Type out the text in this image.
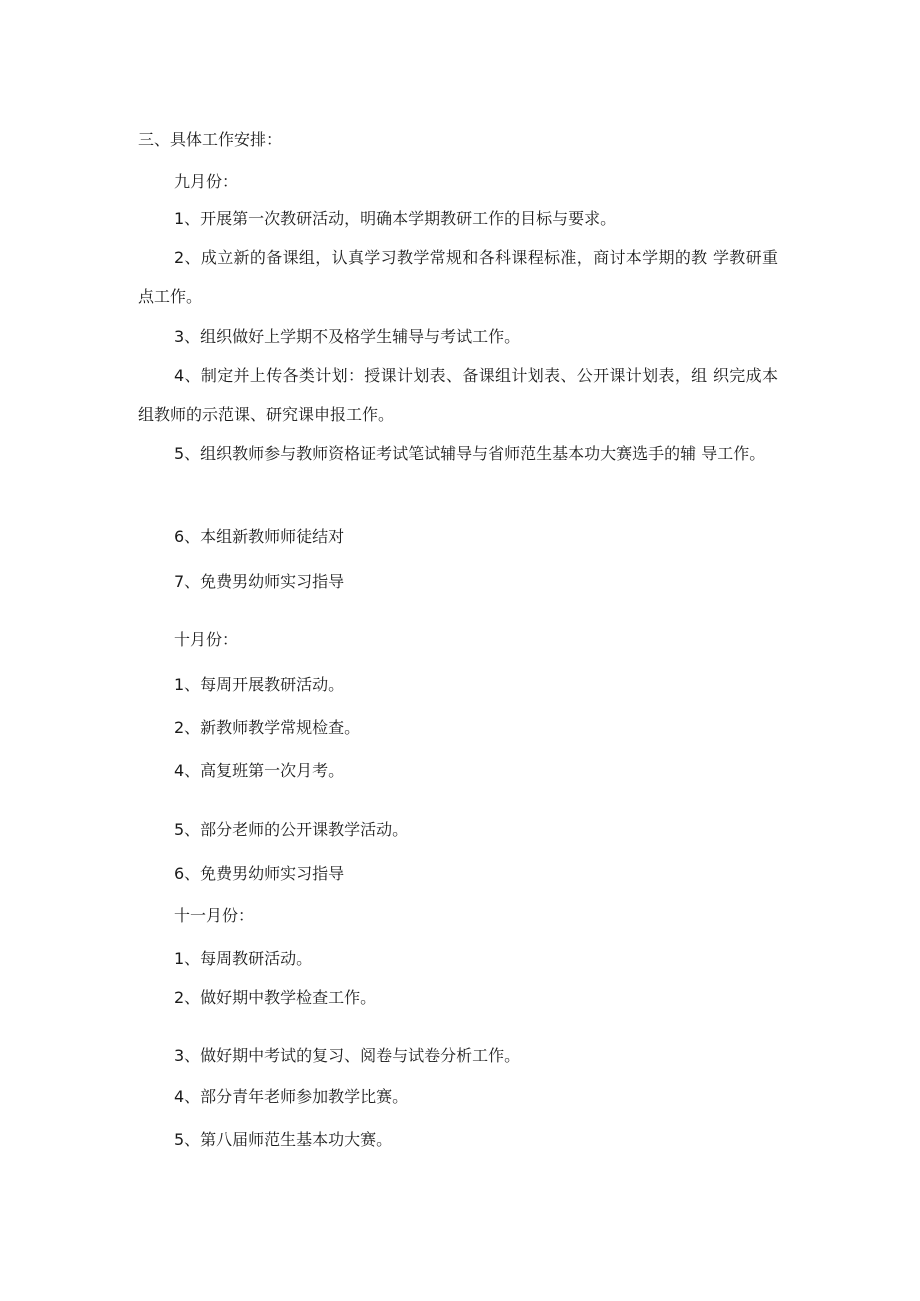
三、具体工作安排：

九月份：

1、开展第一次教研活动，明确本学期教研工作的目标与要求。

2、成立新的备课组，认真学习教学常规和各科课程标准，商讨本学期的教 学教研重点工作。

3、组织做好上学期不及格学生辅导与考试工作。

4、制定并上传各类计划：授课计划表、备课组计划表、公开课计划表，组 织完成本组教师的示范课、研究课申报工作。

5、组织教师参与教师资格证考试笔试辅导与省师范生基本功大赛选手的辅 导工作。

6、本组新教师师徒结对

7、免费男幼师实习指导

十月份：

1、每周开展教研活动。

2、新教师教学常规检查。

4、高复班第一次月考。

5、部分老师的公开课教学活动。

6、免费男幼师实习指导

十一月份：

1、每周教研活动。

2、做好期中教学检查工作。

3、做好期中考试的复习、阅卷与试卷分析工作。

4、部分青年老师参加教学比赛。

5、第八届师范生基本功大赛。
